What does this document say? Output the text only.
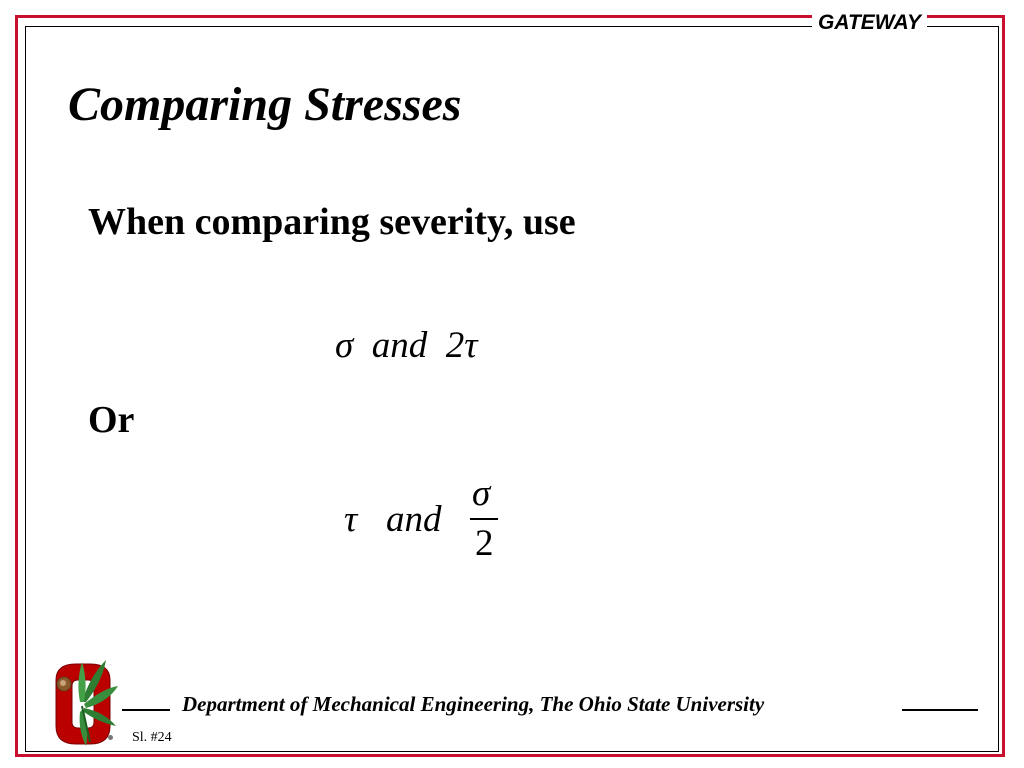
GATEWAY
Comparing Stresses
When comparing severity, use
σ and 2τ
Or
τ and
σ
2
Department of Mechanical Engineering, The Ohio State University
Sl. #24
